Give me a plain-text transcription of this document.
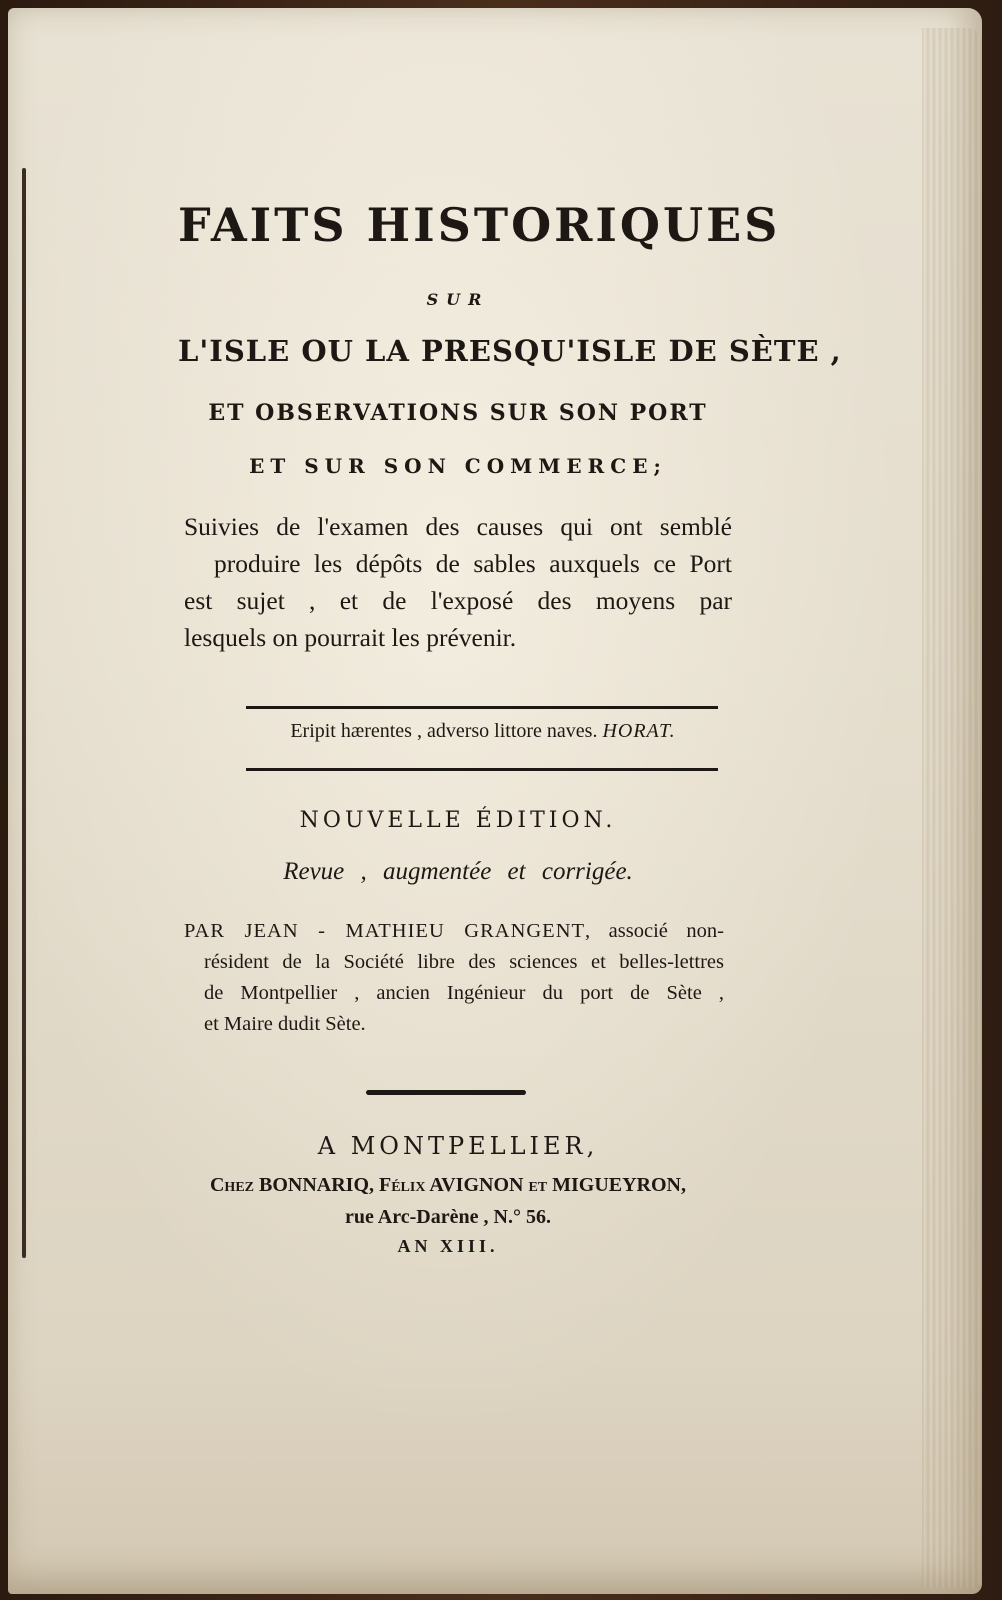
FAITS HISTORIQUES
SUR
L'ISLE OU LA PRESQU'ISLE DE SÈTE ,
ET OBSERVATIONS SUR SON PORT
ET SUR SON COMMERCE;
Suivies de l'examen des causes qui ont semblé
produire les dépôts de sables auxquels ce Port
est sujet , et de l'exposé des moyens par
lesquels on pourrait les prévenir.
Eripit hærentes , adverso littore naves. HORAT.
NOUVELLE ÉDITION.
Revue , augmentée et corrigée.
PAR JEAN - MATHIEU GRANGENT, associé non-
résident de la Société libre des sciences et belles-lettres
de Montpellier , ancien Ingénieur du port de Sète ,
et Maire dudit Sète.
A MONTPELLIER,
Chez BONNARIQ, Félix AVIGNON et MIGUEYRON,
rue Arc-Darène , N.° 56.
AN XIII.
